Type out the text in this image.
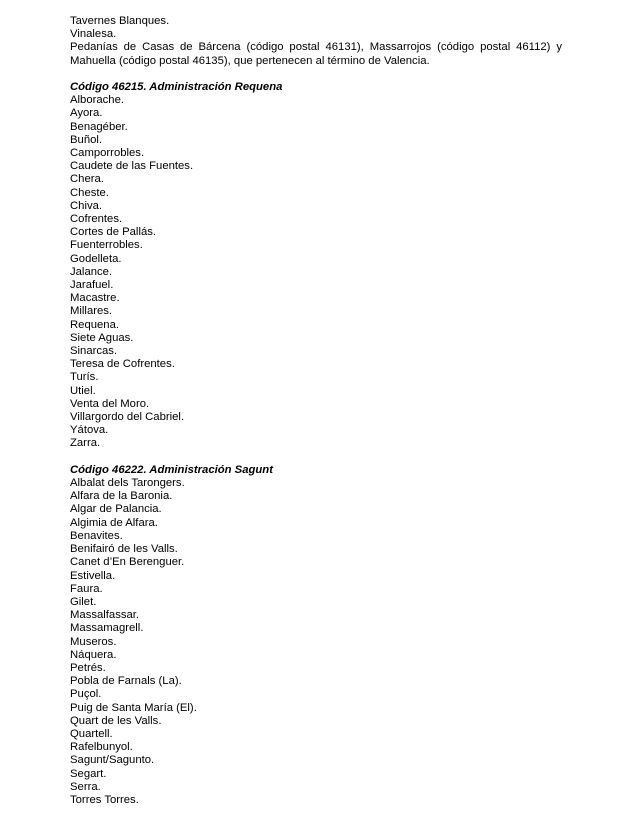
Tavernes Blanques.
Vinalesa.
Pedanías de Casas de Bárcena (código postal 46131), Massarrojos (código postal 46112) y Mahuella (código postal 46135), que pertenecen al término de Valencia.
Código 46215. Administración Requena
Alborache.
Ayora.
Benagéber.
Buñol.
Camporrobles.
Caudete de las Fuentes.
Chera.
Cheste.
Chiva.
Cofrentes.
Cortes de Pallás.
Fuenterrobles.
Godelleta.
Jalance.
Jarafuel.
Macastre.
Millares.
Requena.
Siete Aguas.
Sinarcas.
Teresa de Cofrentes.
Turís.
Utiel.
Venta del Moro.
Villargordo del Cabriel.
Yátova.
Zarra.
Código 46222. Administración Sagunt
Albalat dels Tarongers.
Alfara de la Baronia.
Algar de Palancia.
Algimia de Alfara.
Benavites.
Benifairó de les Valls.
Canet d’En Berenguer.
Estivella.
Faura.
Gilet.
Massalfassar.
Massamagrell.
Museros.
Náquera.
Petrés.
Pobla de Farnals (La).
Puçol.
Puig de Santa María (El).
Quart de les Valls.
Quartell.
Rafelbunyol.
Sagunt/Sagunto.
Segart.
Serra.
Torres Torres.
